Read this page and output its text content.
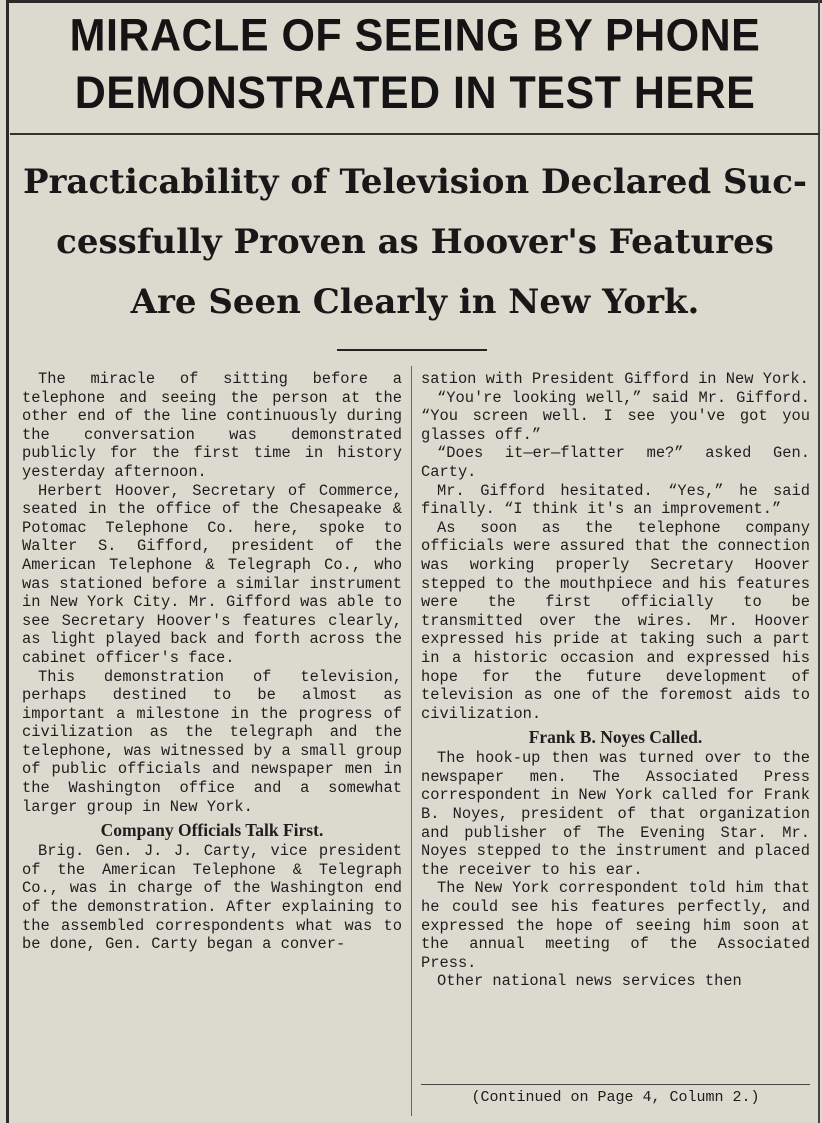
MIRACLE OF SEEING BY PHONE
DEMONSTRATED IN TEST HERE
Practicability of Television Declared Suc-
cessfully Proven as Hoover's Features
Are Seen Clearly in New York.

The miracle of sitting before a telephone and seeing the person at the other end of the line continuously during the conversation was demonstrated publicly for the first time in history yesterday afternoon.

Herbert Hoover, Secretary of Commerce, seated in the office of the Chesapeake & Potomac Telephone Co. here, spoke to Walter S. Gifford, president of the American Telephone & Telegraph Co., who was stationed before a similar instrument in New York City. Mr. Gifford was able to see Secretary Hoover's features clearly, as light played back and forth across the cabinet officer's face.

This demonstration of television, perhaps destined to be almost as important a milestone in the progress of civilization as the telegraph and the telephone, was witnessed by a small group of public officials and newspaper men in the Washington office and a somewhat larger group in New York.

Company Officials Talk First.

Brig. Gen. J. J. Carty, vice president of the American Telephone & Telegraph Co., was in charge of the Washington end of the demonstration. After explaining to the assembled correspondents what was to be done, Gen. Carty began a conver-

sation with President Gifford in New York.

“You're looking well,” said Mr. Gifford. “You screen well. I see you've got you glasses off.”

“Does it—er—flatter me?” asked Gen. Carty.

Mr. Gifford hesitated. “Yes,” he said finally. “I think it's an improvement.”

As soon as the telephone company officials were assured that the connection was working properly Secretary Hoover stepped to the mouthpiece and his features were the first officially to be transmitted over the wires. Mr. Hoover expressed his pride at taking such a part in a historic occasion and expressed his hope for the future development of television as one of the foremost aids to civilization.

Frank B. Noyes Called.

The hook-up then was turned over to the newspaper men. The Associated Press correspondent in New York called for Frank B. Noyes, president of that organization and publisher of The Evening Star. Mr. Noyes stepped to the instrument and placed the receiver to his ear.

The New York correspondent told him that he could see his features perfectly, and expressed the hope of seeing him soon at the annual meeting of the Associated Press.

Other national news services then

(Continued on Page 4, Column 2.)
